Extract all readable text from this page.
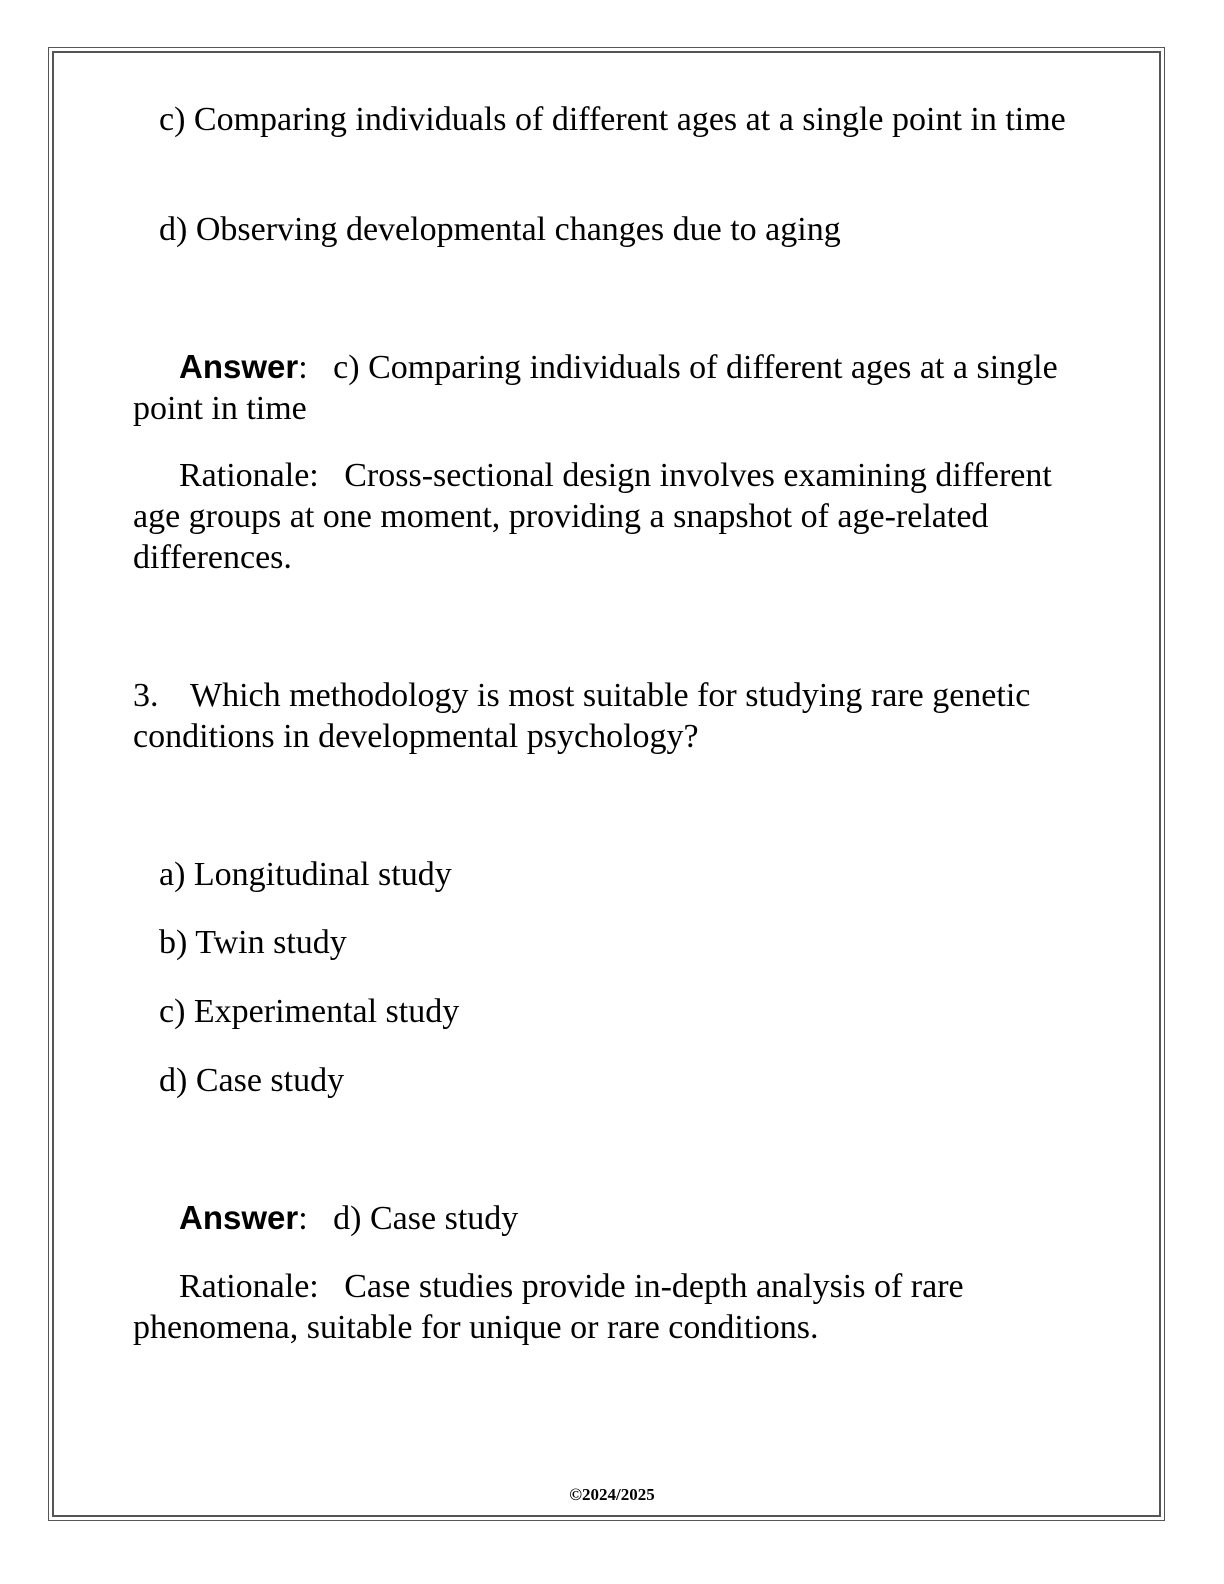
c) Comparing individuals of different ages at a single point in time

d) Observing developmental changes due to aging

Answer:   c) Comparing individuals of different ages at a single point in time

Rationale:   Cross-sectional design involves examining different age groups at one moment, providing a snapshot of age-related differences.

3. Which methodology is most suitable for studying rare genetic conditions in developmental psychology?

a) Longitudinal study

b) Twin study

c) Experimental study

d) Case study

Answer:   d) Case study

Rationale:   Case studies provide in-depth analysis of rare phenomena, suitable for unique or rare conditions.

©2024/2025
